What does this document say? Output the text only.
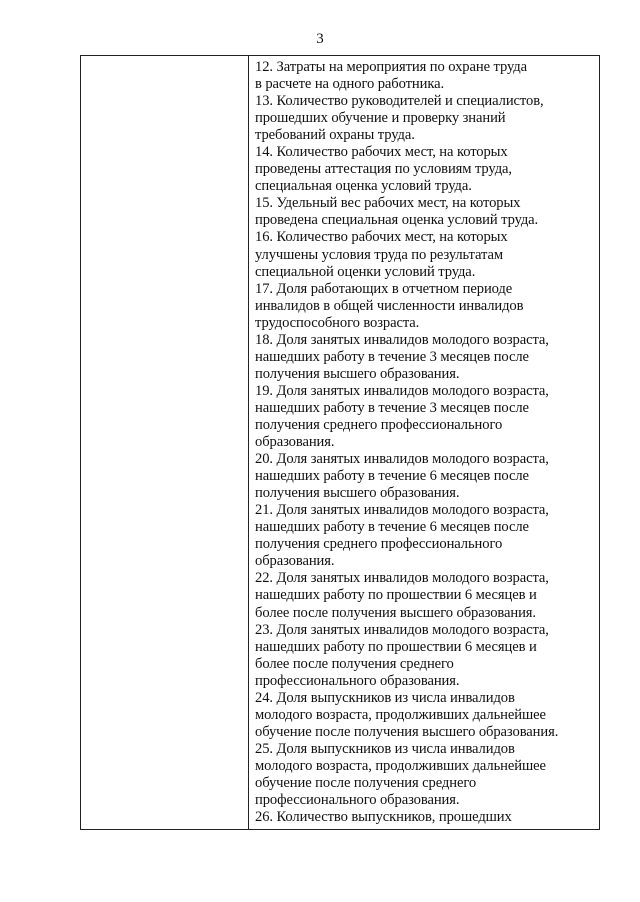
3

12. Затраты на мероприятия по охране труда
в расчете на одного работника.
13. Количество руководителей и специалистов,
прошедших обучение и проверку знаний
требований охраны труда.
14. Количество рабочих мест, на которых
проведены аттестация по условиям труда,
специальная оценка условий труда.
15. Удельный вес рабочих мест, на которых
проведена специальная оценка условий труда.
16. Количество рабочих мест, на которых
улучшены условия труда по результатам
специальной оценки условий труда.
17. Доля работающих в отчетном периоде
инвалидов в общей численности инвалидов
трудоспособного возраста.
18. Доля занятых инвалидов молодого возраста,
нашедших работу в течение 3 месяцев после
получения высшего образования.
19. Доля занятых инвалидов молодого возраста,
нашедших работу в течение 3 месяцев после
получения среднего профессионального
образования.
20. Доля занятых инвалидов молодого возраста,
нашедших работу в течение 6 месяцев после
получения высшего образования.
21. Доля занятых инвалидов молодого возраста,
нашедших работу в течение 6 месяцев после
получения среднего профессионального
образования.
22. Доля занятых инвалидов молодого возраста,
нашедших работу по прошествии 6 месяцев и
более после получения высшего образования.
23. Доля занятых инвалидов молодого возраста,
нашедших работу по прошествии 6 месяцев и
более после получения среднего
профессионального образования.
24. Доля выпускников из числа инвалидов
молодого возраста, продолживших дальнейшее
обучение после получения высшего образования.
25. Доля выпускников из числа инвалидов
молодого возраста, продолживших дальнейшее
обучение после получения среднего
профессионального образования.
26. Количество выпускников, прошедших
